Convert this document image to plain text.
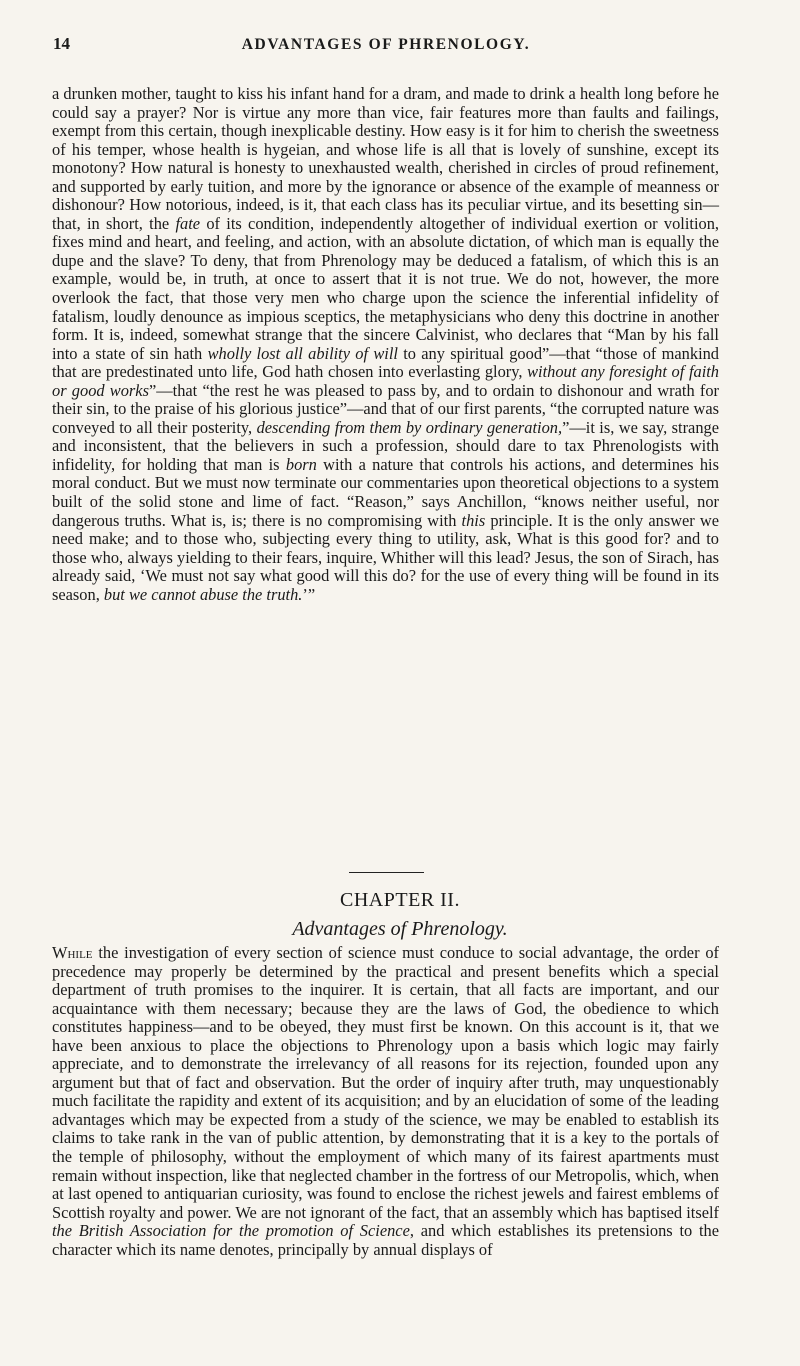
14	ADVANTAGES OF PHRENOLOGY.

a drunken mother, taught to kiss his infant hand for a dram, and made to drink a health long before he could say a prayer? Nor is virtue any more than vice, fair features more than faults and failings, exempt from this certain, though inexplicable destiny. How easy is it for him to cherish the sweetness of his temper, whose health is hygeian, and whose life is all that is lovely of sunshine, except its monotony? How natural is honesty to unexhausted wealth, cherished in circles of proud refinement, and supported by early tuition, and more by the ignorance or absence of the example of meanness or dishonour? How notorious, indeed, is it, that each class has its peculiar virtue, and its besetting sin—that, in short, the fate of its condition, independently altogether of individual exertion or volition, fixes mind and heart, and feeling, and action, with an absolute dictation, of which man is equally the dupe and the slave? To deny, that from Phrenology may be deduced a fatalism, of which this is an example, would be, in truth, at once to assert that it is not true. We do not, however, the more overlook the fact, that those very men who charge upon the science the inferential infidelity of fatalism, loudly denounce as impious sceptics, the metaphysicians who deny this doctrine in another form. It is, indeed, somewhat strange that the sincere Calvinist, who declares that “Man by his fall into a state of sin hath wholly lost all ability of will to any spiritual good”—that “those of mankind that are predestinated unto life, God hath chosen into everlasting glory, without any foresight of faith or good works”—that “the rest he was pleased to pass by, and to ordain to dishonour and wrath for their sin, to the praise of his glorious justice”—and that of our first parents, “the corrupted nature was conveyed to all their posterity, descending from them by ordinary generation,”—it is, we say, strange and inconsistent, that the believers in such a profession, should dare to tax Phrenologists with infidelity, for holding that man is born with a nature that controls his actions, and determines his moral conduct. But we must now terminate our commentaries upon theoretical objections to a system built of the solid stone and lime of fact. “Reason,” says Anchillon, “knows neither useful, nor dangerous truths. What is, is; there is no compromising with this principle. It is the only answer we need make; and to those who, subjecting every thing to utility, ask, What is this good for? and to those who, always yielding to their fears, inquire, Whither will this lead? Jesus, the son of Sirach, has already said, ‘We must not say what good will this do? for the use of every thing will be found in its season, but we cannot abuse the truth.’”

CHAPTER II.
Advantages of Phrenology.

While the investigation of every section of science must conduce to social advantage, the order of precedence may properly be determined by the practical and present benefits which a special department of truth promises to the inquirer. It is certain, that all facts are important, and our acquaintance with them necessary; because they are the laws of God, the obedience to which constitutes happiness—and to be obeyed, they must first be known. On this account is it, that we have been anxious to place the objections to Phrenology upon a basis which logic may fairly appreciate, and to demonstrate the irrelevancy of all reasons for its rejection, founded upon any argument but that of fact and observation. But the order of inquiry after truth, may unquestionably much facilitate the rapidity and extent of its acquisition; and by an elucidation of some of the leading advantages which may be expected from a study of the science, we may be enabled to establish its claims to take rank in the van of public attention, by demonstrating that it is a key to the portals of the temple of philosophy, without the employment of which many of its fairest apartments must remain without inspection, like that neglected chamber in the fortress of our Metropolis, which, when at last opened to antiquarian curiosity, was found to enclose the richest jewels and fairest emblems of Scottish royalty and power. We are not ignorant of the fact, that an assembly which has baptised itself the British Association for the promotion of Science, and which establishes its pretensions to the character which its name denotes, principally by annual displays of
